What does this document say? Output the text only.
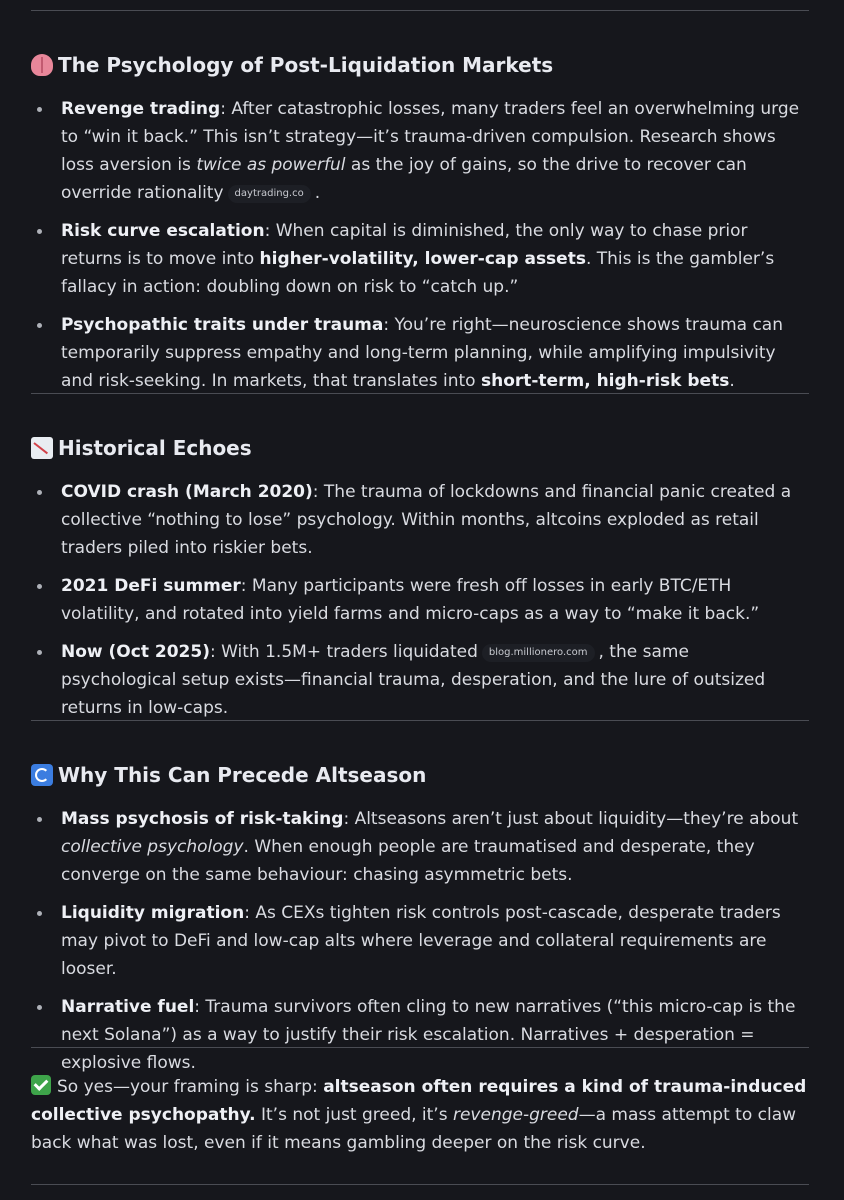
The Psychology of Post-Liquidation Markets
Revenge trading: After catastrophic losses, many traders feel an overwhelming urge to “win it back.” This isn’t strategy—it’s trauma-driven compulsion. Research shows loss aversion is twice as powerful as the joy of gains, so the drive to recover can override rationality daytrading.co .
Risk curve escalation: When capital is diminished, the only way to chase prior returns is to move into higher-volatility, lower-cap assets. This is the gambler’s fallacy in action: doubling down on risk to “catch up.”
Psychopathic traits under trauma: You’re right—neuroscience shows trauma can temporarily suppress empathy and long-term planning, while amplifying impulsivity and risk-seeking. In markets, that translates into short-term, high-risk bets.
Historical Echoes
COVID crash (March 2020): The trauma of lockdowns and financial panic created a collective “nothing to lose” psychology. Within months, altcoins exploded as retail traders piled into riskier bets.
2021 DeFi summer: Many participants were fresh off losses in early BTC/ETH volatility, and rotated into yield farms and micro-caps as a way to “make it back.”
Now (Oct 2025): With 1.5M+ traders liquidated blog.millionero.com , the same psychological setup exists—financial trauma, desperation, and the lure of outsized returns in low-caps.
Why This Can Precede Altseason
Mass psychosis of risk-taking: Altseasons aren’t just about liquidity—they’re about collective psychology. When enough people are traumatised and desperate, they converge on the same behaviour: chasing asymmetric bets.
Liquidity migration: As CEXs tighten risk controls post-cascade, desperate traders may pivot to DeFi and low-cap alts where leverage and collateral requirements are looser.
Narrative fuel: Trauma survivors often cling to new narratives (“this micro-cap is the next Solana”) as a way to justify their risk escalation. Narratives + desperation = explosive flows.

So yes—your framing is sharp: altseason often requires a kind of trauma-induced collective psychopathy. It’s not just greed, it’s revenge-greed—a mass attempt to claw back what was lost, even if it means gambling deeper on the risk curve.
